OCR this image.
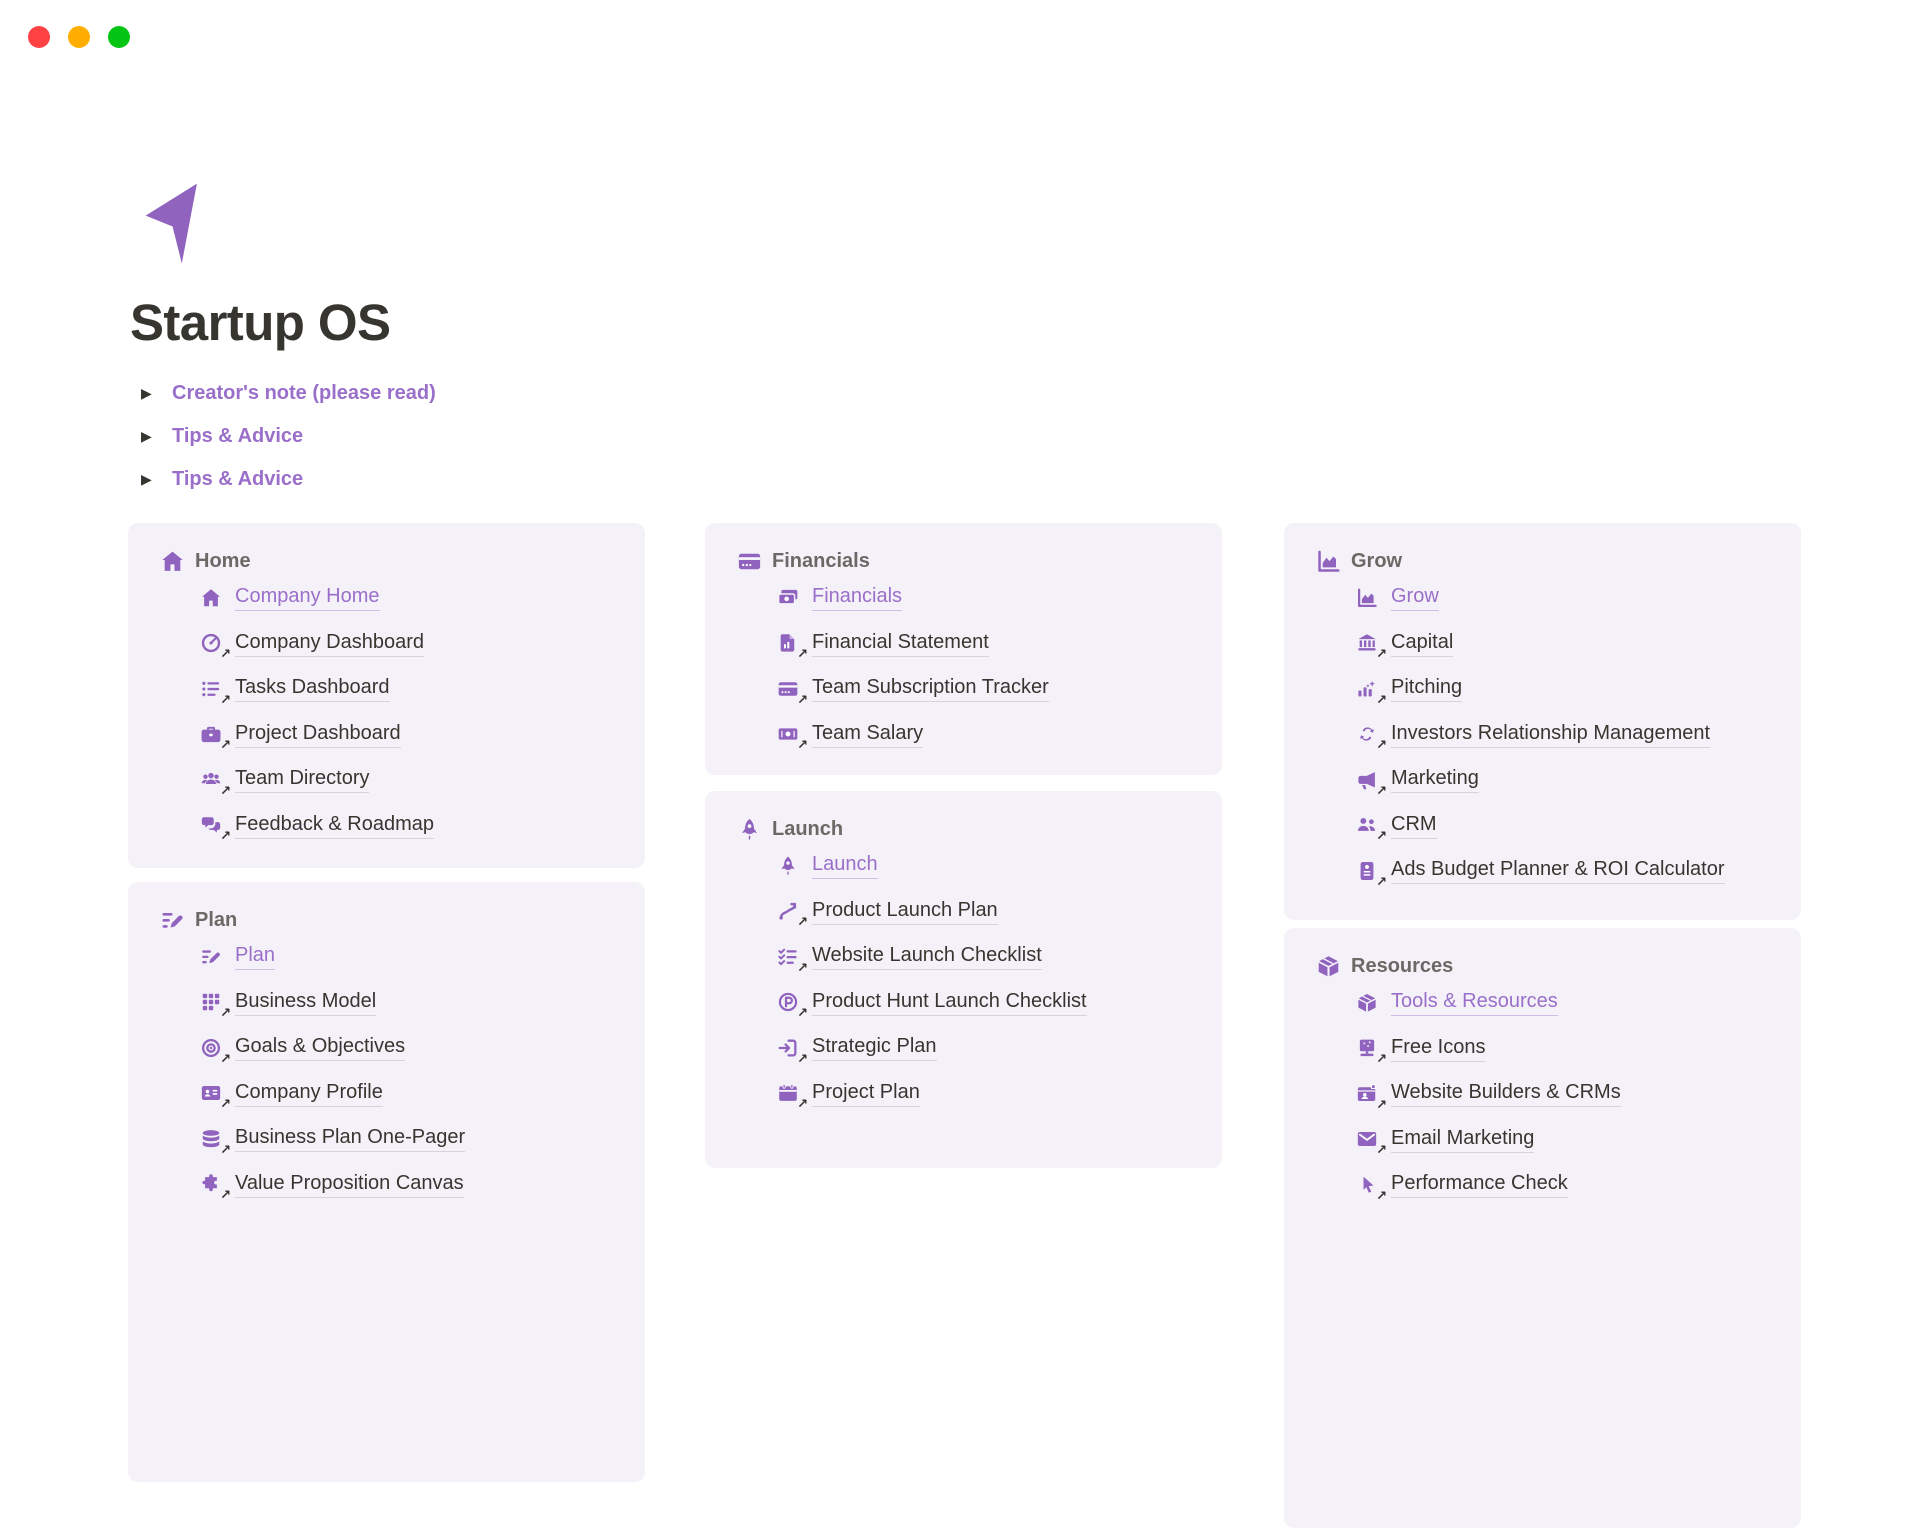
Startup OS
▶	Creator's note (please read)
▶	Tips & Advice
▶	Tips & Advice
Home
Company Home
↗
Company Dashboard
↗
Tasks Dashboard
↗
Project Dashboard
↗
Team Directory
↗
Feedback & Roadmap
Plan
Plan
↗
Business Model
↗
Goals & Objectives
↗
Company Profile
↗
Business Plan One-Pager
↗
Value Proposition Canvas
Financials
Financials
↗
Financial Statement
↗
Team Subscription Tracker
↗
Team Salary
Launch
Launch
↗
Product Launch Plan
↗
Website Launch Checklist
↗
Product Hunt Launch Checklist
↗
Strategic Plan
↗
Project Plan
Grow
Grow
↗
Capital
↗
Pitching
↗
Investors Relationship Management
↗
Marketing
↗
CRM
↗
Ads Budget Planner & ROI Calculator
Resources
Tools & Resources
↗
Free Icons
↗
Website Builders & CRMs
↗
Email Marketing
↗
Performance Check
